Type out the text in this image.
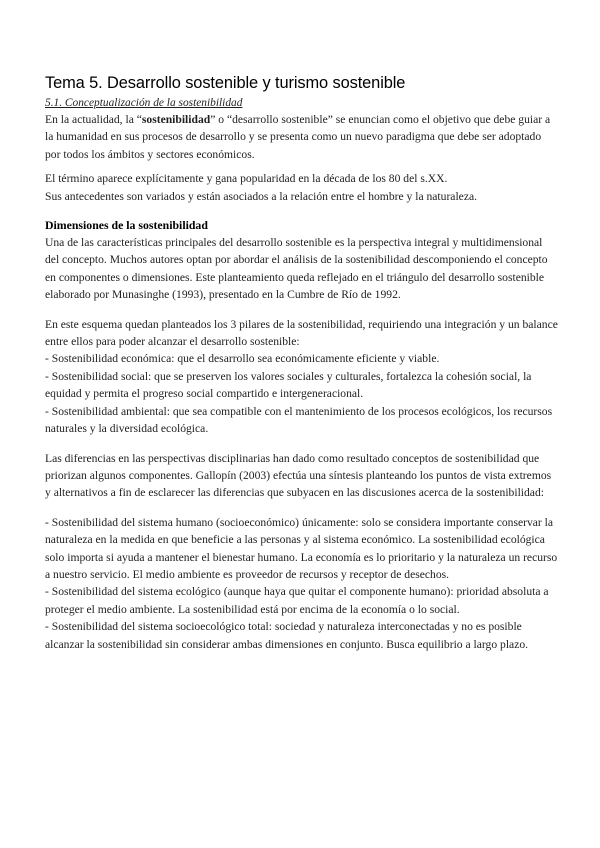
Tema 5. Desarrollo sostenible y turismo sostenible

5.1. Conceptualización de la sostenibilidad

En la actualidad, la “sostenibilidad” o “desarrollo sostenible” se enuncian como el objetivo que debe guiar a la humanidad en sus procesos de desarrollo y se presenta como un nuevo paradigma que debe ser adoptado por todos los ámbitos y sectores económicos.

El término aparece explícitamente y gana popularidad en la década de los 80 del s.XX.
Sus antecedentes son variados y están asociados a la relación entre el hombre y la naturaleza.

Dimensiones de la sostenibilidad

Una de las características principales del desarrollo sostenible es la perspectiva integral y multidimensional del concepto. Muchos autores optan por abordar el análisis de la sostenibilidad descomponiendo el concepto en componentes o dimensiones. Este planteamiento queda reflejado en el triángulo del desarrollo sostenible elaborado por Munasinghe (1993), presentado en la Cumbre de Río de 1992.

En este esquema quedan planteados los 3 pilares de la sostenibilidad, requiriendo una integración y un balance entre ellos para poder alcanzar el desarrollo sostenible:
- Sostenibilidad económica: que el desarrollo sea económicamente eficiente y viable.
- Sostenibilidad social: que se preserven los valores sociales y culturales, fortalezca la cohesión social, la equidad y permita el progreso social compartido e intergeneracional.
- Sostenibilidad ambiental: que sea compatible con el mantenimiento de los procesos ecológicos, los recursos naturales y la diversidad ecológica.

Las diferencias en las perspectivas disciplinarias han dado como resultado conceptos de sostenibilidad que priorizan algunos componentes. Gallopín (2003) efectúa una síntesis planteando los puntos de vista extremos y alternativos a fin de esclarecer las diferencias que subyacen en las discusiones acerca de la sostenibilidad:

- Sostenibilidad del sistema humano (socioeconómico) únicamente: solo se considera importante conservar la naturaleza en la medida en que beneficie a las personas y al sistema económico. La sostenibilidad ecológica solo importa si ayuda a mantener el bienestar humano. La economía es lo prioritario y la naturaleza un recurso a nuestro servicio. El medio ambiente es proveedor de recursos y receptor de desechos.
- Sostenibilidad del sistema ecológico (aunque haya que quitar el componente humano): prioridad absoluta a proteger el medio ambiente. La sostenibilidad está por encima de la economía o lo social.
- Sostenibilidad del sistema socioecológico total: sociedad y naturaleza interconectadas y no es posible alcanzar la sostenibilidad sin considerar ambas dimensiones en conjunto. Busca equilibrio a largo plazo.
